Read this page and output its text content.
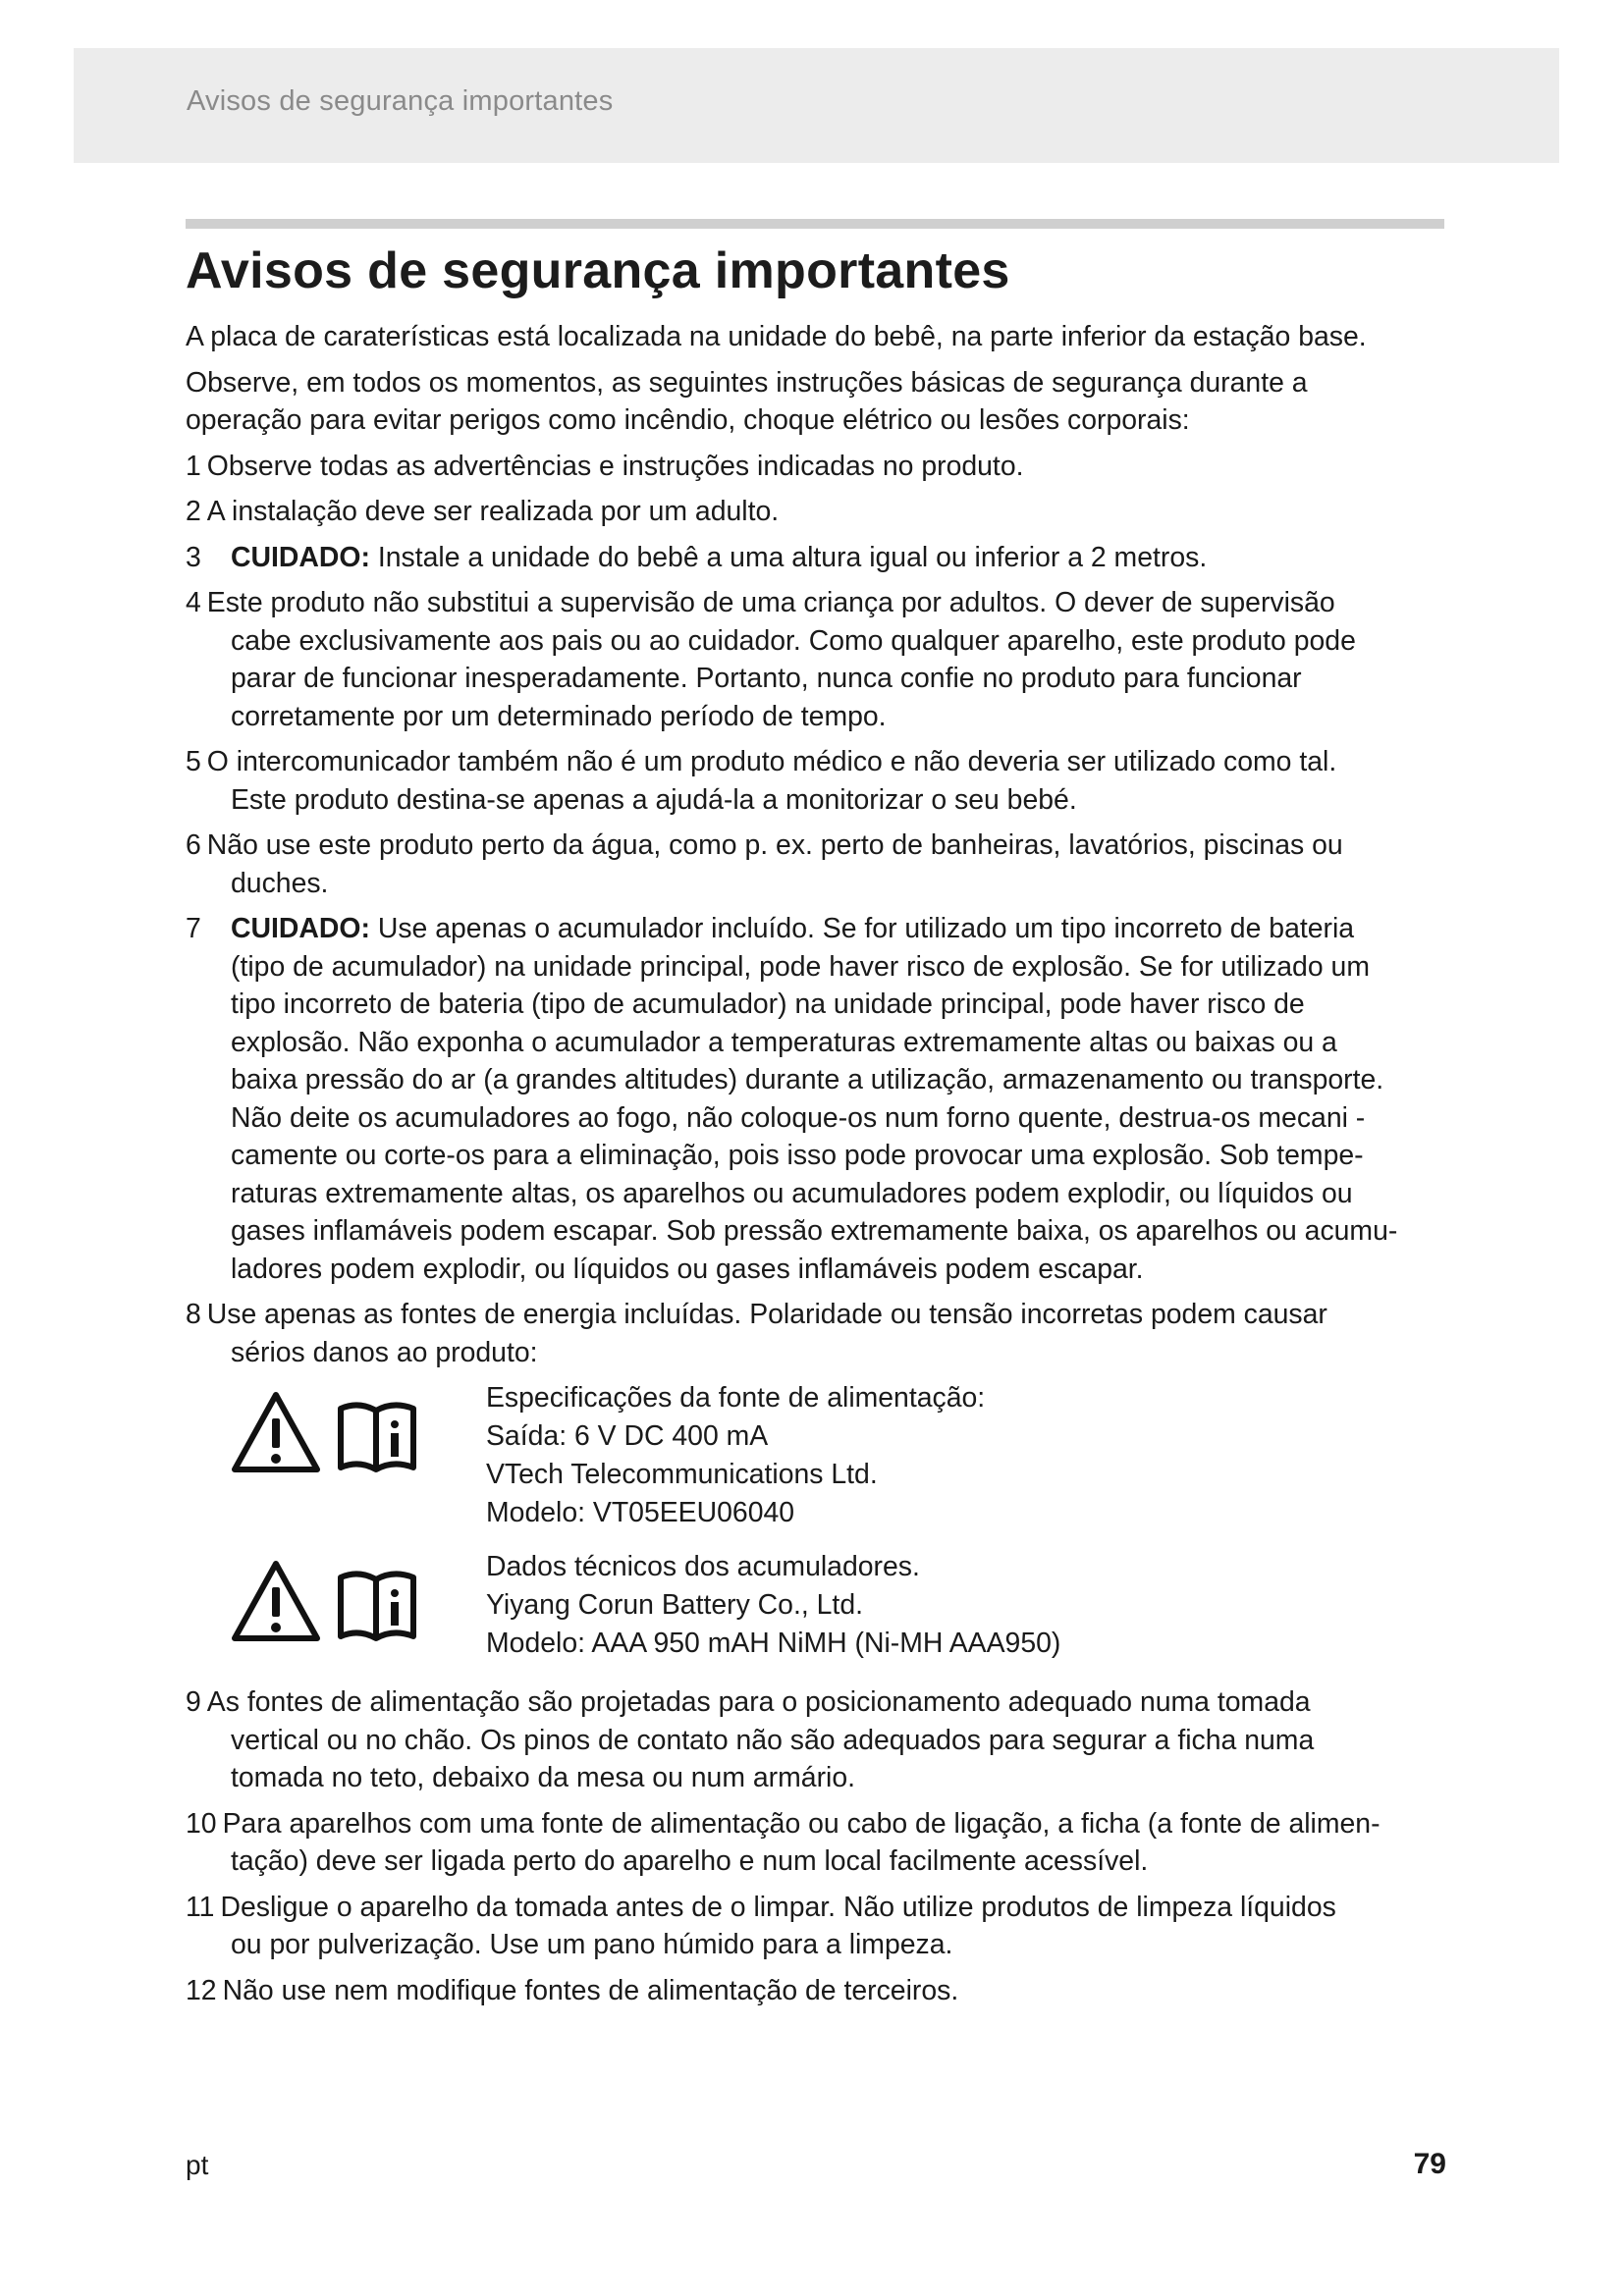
Avisos de segurança importantes
Avisos de segurança importantes

A placa de caraterísticas está localizada na unidade do bebê, na parte inferior da estação base.

Observe, em todos os momentos, as seguintes instruções básicas de segurança durante a
operação para evitar perigos como incêndio, choque elétrico ou lesões corporais:

1 Observe todas as advertências e instruções indicadas no produto.
2 A instalação deve ser realizada por um adulto.
3 CUIDADO: Instale a unidade do bebê a uma altura igual ou inferior a 2 metros.
4 Este produto não substitui a supervisão de uma criança por adultos. O dever de supervisão
cabe exclusivamente aos pais ou ao cuidador. Como qualquer aparelho, este produto pode
parar de funcionar inesperadamente. Portanto, nunca confie no produto para funcionar
corretamente por um determinado período de tempo.
5 O intercomunicador também não é um produto médico e não deveria ser utilizado como tal.
Este produto destina-se apenas a ajudá-la a monitorizar o seu bebé.
6 Não use este produto perto da água, como p. ex. perto de banheiras, lavatórios, piscinas ou
duches.
7 CUIDADO: Use apenas o acumulador incluído. Se for utilizado um tipo incorreto de bateria
(tipo de acumulador) na unidade principal, pode haver risco de explosão. Se for utilizado um
tipo incorreto de bateria (tipo de acumulador) na unidade principal, pode haver risco de
explosão. Não exponha o acumulador a temperaturas extremamente altas ou baixas ou a
baixa pressão do ar (a grandes altitudes) durante a utilização, armazenamento ou transporte.
Não deite os acumuladores ao fogo, não coloque-os num forno quente, destrua-os mecani -
camente ou corte-os para a eliminação, pois isso pode provocar uma explosão. Sob tempe-
raturas extremamente altas, os aparelhos ou acumuladores podem explodir, ou líquidos ou
gases inflamáveis podem escapar. Sob pressão extremamente baixa, os aparelhos ou acumu-
ladores podem explodir, ou líquidos ou gases inflamáveis podem escapar.
8 Use apenas as fontes de energia incluídas. Polaridade ou tensão incorretas podem causar
sérios danos ao produto:
Especificações da fonte de alimentação:
Saída: 6 V DC 400 mA
VTech Telecommunications Ltd.
Modelo: VT05EEU06040
Dados técnicos dos acumuladores.
Yiyang Corun Battery Co., Ltd.
Modelo: AAA 950 mAH NiMH (Ni-MH AAA950)
9 As fontes de alimentação são projetadas para o posicionamento adequado numa tomada
vertical ou no chão. Os pinos de contato não são adequados para segurar a ficha numa
tomada no teto, debaixo da mesa ou num armário.
10 Para aparelhos com uma fonte de alimentação ou cabo de ligação, a ficha (a fonte de alimen-
tação) deve ser ligada perto do aparelho e num local facilmente acessível.
11 Desligue o aparelho da tomada antes de o limpar. Não utilize produtos de limpeza líquidos
ou por pulverização. Use um pano húmido para a limpeza.
12 Não use nem modifique fontes de alimentação de terceiros.
pt	79
